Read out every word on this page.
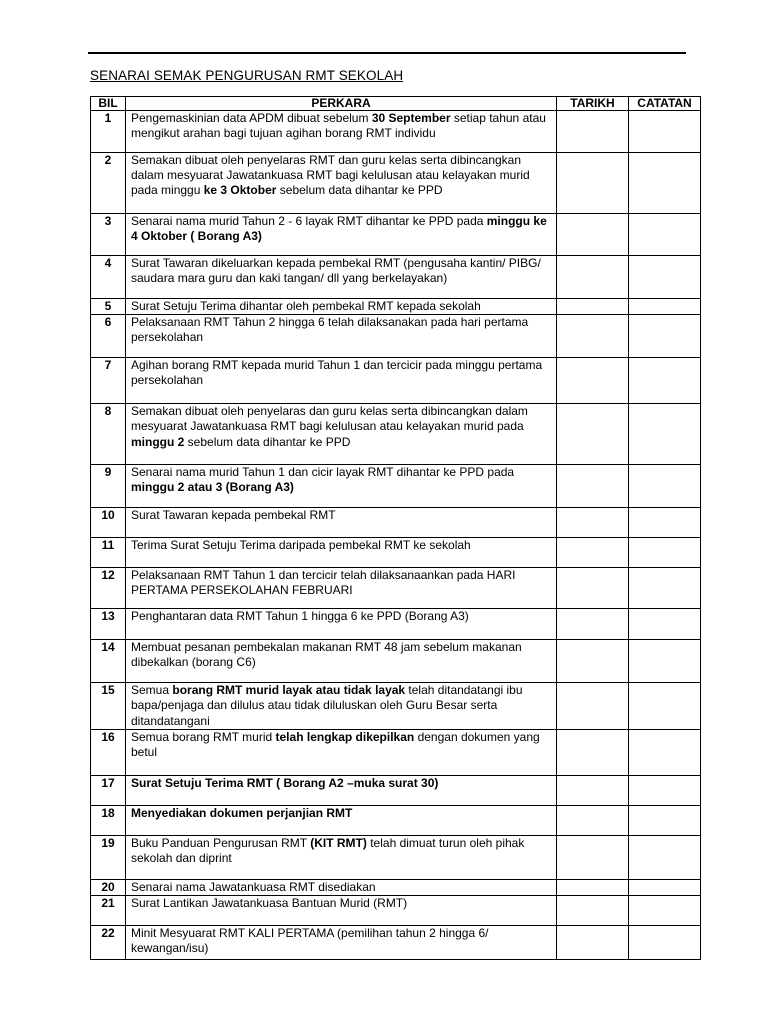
SENARAI SEMAK PENGURUSAN RMT SEKOLAH
BIL	PERKARA	TARIKH	CATATAN
1	Pengemaskinian data APDM dibuat sebelum 30 September setiap tahun atau mengikut arahan bagi tujuan agihan borang RMT individu		
2	Semakan dibuat oleh penyelaras RMT dan guru kelas serta dibincangkan dalam mesyuarat Jawatankuasa RMT bagi kelulusan atau kelayakan murid pada minggu ke 3 Oktober sebelum data dihantar ke PPD		
3	Senarai nama murid Tahun 2 - 6 layak RMT dihantar ke PPD pada minggu ke 4 Oktober ( Borang A3)		
4	Surat Tawaran dikeluarkan kepada pembekal RMT (pengusaha kantin/ PIBG/ saudara mara guru dan kaki tangan/ dll yang berkelayakan)		
5	Surat Setuju Terima dihantar oleh pembekal RMT kepada sekolah		
6	Pelaksanaan RMT Tahun 2 hingga 6 telah dilaksanakan pada hari pertama persekolahan		
7	Agihan borang RMT kepada murid Tahun 1 dan tercicir pada minggu pertama persekolahan		
8	Semakan dibuat oleh penyelaras dan guru kelas serta dibincangkan dalam mesyuarat Jawatankuasa RMT bagi kelulusan atau kelayakan murid pada minggu 2 sebelum data dihantar ke PPD		
9	Senarai nama murid Tahun 1 dan cicir layak RMT dihantar ke PPD pada minggu 2 atau 3 (Borang A3)		
10	Surat Tawaran kepada pembekal RMT		
11	Terima Surat Setuju Terima daripada pembekal RMT ke sekolah		
12	Pelaksanaan RMT Tahun 1 dan tercicir telah dilaksanaankan pada HARI PERTAMA PERSEKOLAHAN FEBRUARI		
13	Penghantaran data RMT Tahun 1 hingga 6 ke PPD (Borang A3)		
14	Membuat pesanan pembekalan makanan RMT 48 jam sebelum makanan dibekalkan (borang C6)		
15	Semua borang RMT murid layak atau tidak layak telah ditandatangi ibu bapa/penjaga dan dilulus atau tidak diluluskan oleh Guru Besar serta ditandatangani		
16	Semua borang RMT murid telah lengkap dikepilkan dengan dokumen yang betul		
17	Surat Setuju Terima RMT ( Borang A2 –muka surat 30)		
18	Menyediakan dokumen perjanjian RMT		
19	Buku Panduan Pengurusan RMT (KIT RMT) telah dimuat turun oleh pihak sekolah dan diprint		
20	Senarai nama Jawatankuasa RMT disediakan		
21	Surat Lantikan Jawatankuasa Bantuan Murid (RMT)		
22	Minit Mesyuarat RMT KALI PERTAMA (pemilihan tahun 2 hingga 6/ kewangan/isu)		
